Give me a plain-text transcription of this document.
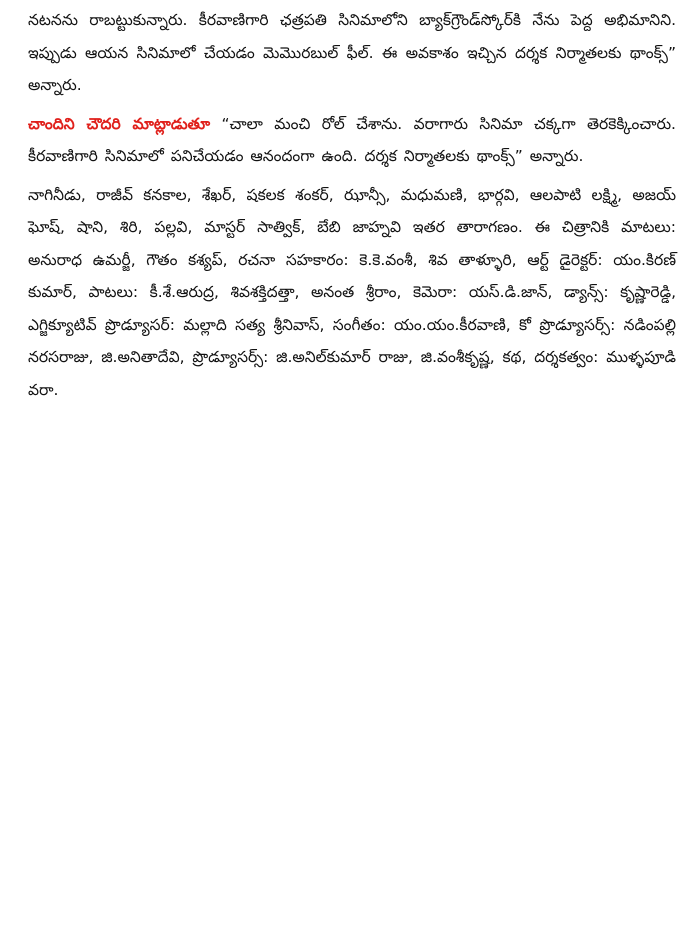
నటనను రాబట్టుకున్నారు. కీరవాణిగారి ఛత్రపతి సినిమాలోని బ్యాక్‌గ్రౌండ్‌స్కోర్‌కి నేను పెద్ద అభిమానిని. ఇప్పుడు ఆయన సినిమాలో చేయడం మెమొరబుల్ ఫీల్. ఈ అవకాశం ఇచ్చిన దర్శక నిర్మాతలకు థాంక్స్” అన్నారు.

చాందిని చౌదరి మాట్లాడుతూ “చాలా మంచి రోల్ చేశాను. వరాగారు సినిమా చక్కగా తెరకెక్కించారు. కీరవాణిగారి సినిమాలో పనిచేయడం ఆనందంగా ఉంది. దర్శక నిర్మాతలకు థాంక్స్” అన్నారు.

నాగినీడు, రాజీవ్ కనకాల, శేఖర్, షకలక శంకర్, ఝాన్సీ, మధుమణి, భార్గవి, ఆలపాటి లక్ష్మి, అజయ్ ఘోష్, షాని, శిరి, పల్లవి, మాస్టర్ సాత్విక్, బేబి జాహ్నవి ఇతర తారాగణం. ఈ చిత్రానికి మాటలు: అనురాధ ఉమర్జీ, గౌతం కశ్యప్, రచనా సహకారం: కె.కె.వంశీ, శివ తాళ్ళూరి, ఆర్ట్ డైరెక్టర్: యం.కిరణ్ కుమార్, పాటలు: కీ.శే.ఆరుద్ర, శివశక్తిదత్తా, అనంత శ్రీరాం, కెమెరా: యస్.డి.జాన్, డ్యాన్స్: కృష్ణారెడ్డి, ఎగ్జిక్యూటివ్ ప్రొడ్యూసర్: మల్లాది సత్య శ్రీనివాస్, సంగీతం: యం.యం.కీరవాణి, కో ప్రొడ్యూసర్స్: నడింపల్లి నరసరాజు, జి.అనితాదేవి, ప్రొడ్యూసర్స్: జి.అనిల్‌కుమార్ రాజు, జి.వంశీకృష్ణ, కథ, దర్శకత్వం: ముళ్ళపూడి వరా.
